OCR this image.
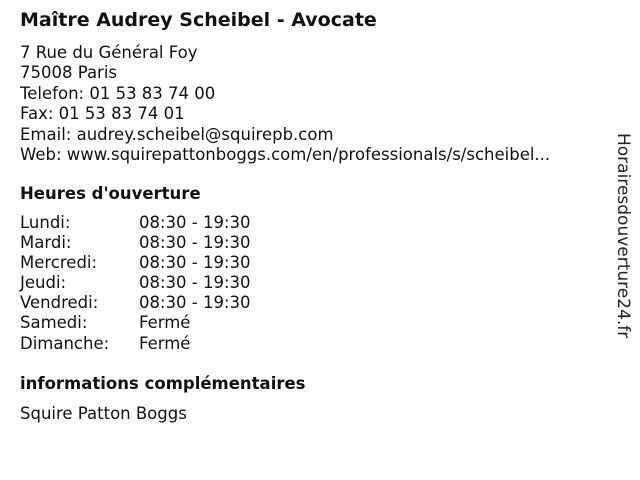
Maître Audrey Scheibel - Avocate
7 Rue du Général Foy
75008 Paris
Telefon: 01 53 83 74 00
Fax: 01 53 83 74 01
Email: audrey.scheibel@squirepb.com
Web: www.squirepattonboggs.com/en/professionals/s/scheibel...
Heures d'ouverture
Lundi:	08:30 - 19:30
Mardi:	08:30 - 19:30
Mercredi:	08:30 - 19:30
Jeudi:	08:30 - 19:30
Vendredi: 08:30 - 19:30
Samedi:	Fermé
Dimanche: Fermé
informations complémentaires
Squire Patton Boggs
Horairesdouverture24.fr
